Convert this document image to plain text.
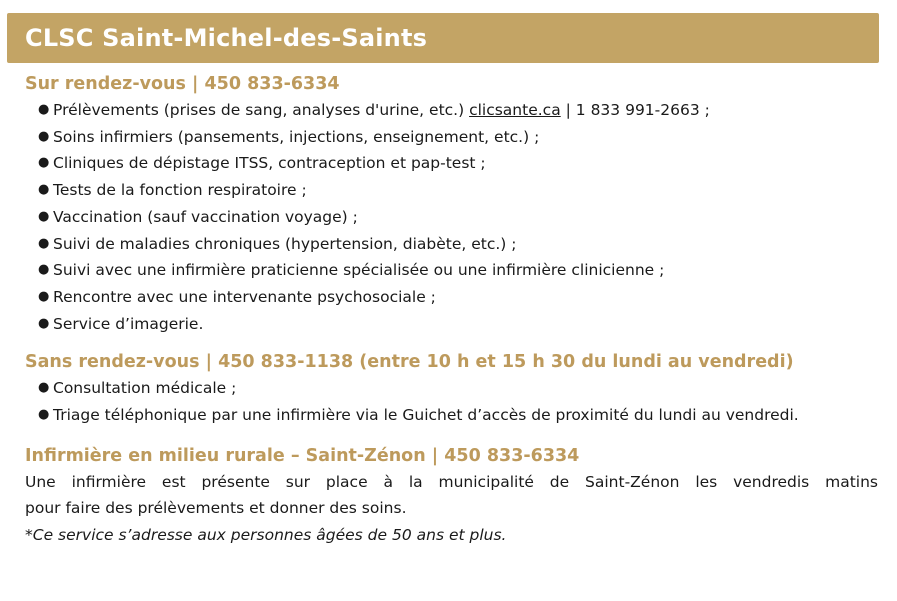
CLSC Saint-Michel-des-Saints
Sur rendez-vous | 450 833-6334
● Prélèvements (prises de sang, analyses d'urine, etc.) clicsante.ca | 1 833 991-2663 ;
● Soins infirmiers (pansements, injections, enseignement, etc.) ;
● Cliniques de dépistage ITSS, contraception et pap-test ;
● Tests de la fonction respiratoire ;
● Vaccination (sauf vaccination voyage) ;
● Suivi de maladies chroniques (hypertension, diabète, etc.) ;
● Suivi avec une infirmière praticienne spécialisée ou une infirmière clinicienne ;
● Rencontre avec une intervenante psychosociale ;
● Service d’imagerie.
Sans rendez-vous | 450 833-1138 (entre 10 h et 15 h 30 du lundi au vendredi)
● Consultation médicale ;
● Triage téléphonique par une infirmière via le Guichet d’accès de proximité du lundi au vendredi.
Infirmière en milieu rurale – Saint-Zénon | 450 833-6334

Une infirmière est présente sur place à la municipalité de Saint-Zénon les vendredis matins
pour faire des prélèvements et donner des soins.

*Ce service s’adresse aux personnes âgées de 50 ans et plus.
